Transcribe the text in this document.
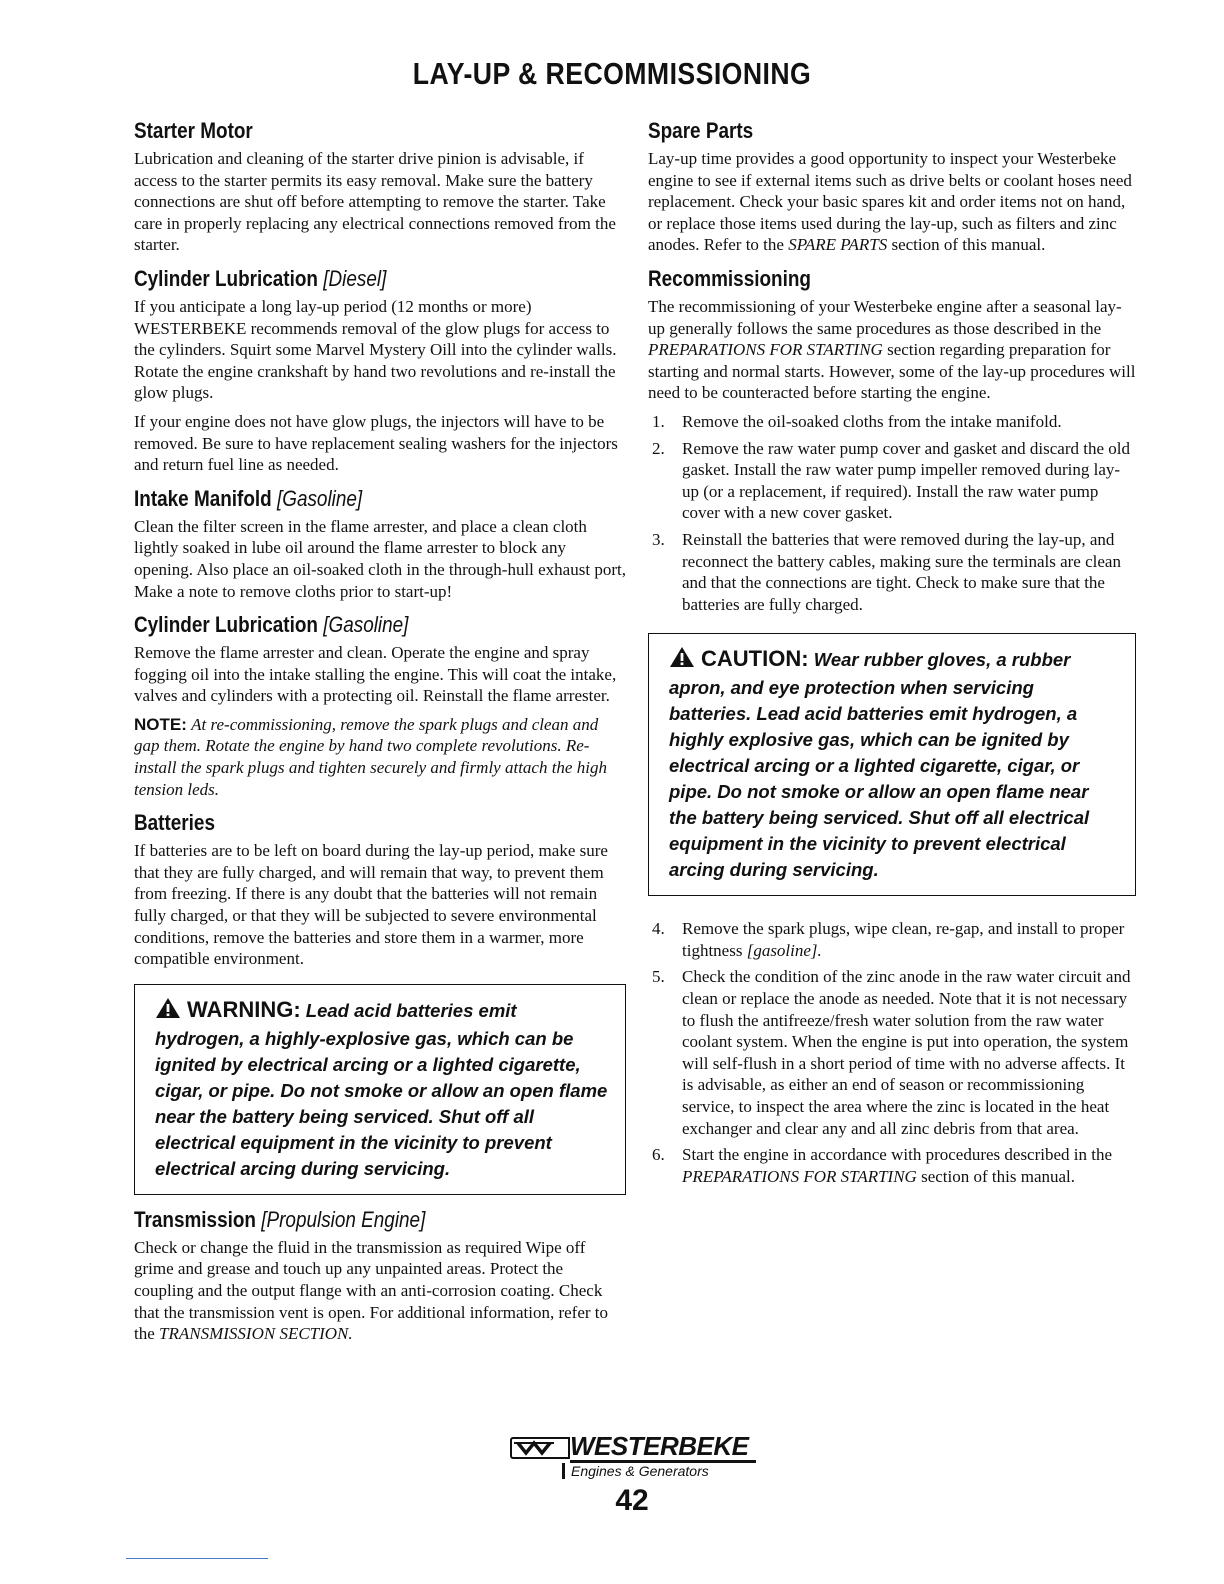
LAY-UP & RECOMMISSIONING
Starter Motor

Lubrication and cleaning of the starter drive pinion is advisable, if access to the starter permits its easy removal. Make sure the battery connections are shut off before attempting to remove the starter. Take care in properly replacing any electrical connections removed from the starter.

Cylinder Lubrication [Diesel]

If you anticipate a long lay-up period (12 months or more) WESTERBEKE recommends removal of the glow plugs for access to the cylinders. Squirt some Marvel Mystery Oill into the cylinder walls. Rotate the engine crankshaft by hand two revolutions and re-install the glow plugs.

If your engine does not have glow plugs, the injectors will have to be removed. Be sure to have replacement sealing washers for the injectors and return fuel line as needed.

Intake Manifold [Gasoline]

Clean the filter screen in the flame arrester, and place a clean cloth lightly soaked in lube oil around the flame arrester to block any opening. Also place an oil-soaked cloth in the through-hull exhaust port, Make a note to remove cloths prior to start-up!

Cylinder Lubrication [Gasoline]

Remove the flame arrester and clean. Operate the engine and spray fogging oil into the intake stalling the engine. This will coat the intake, valves and cylinders with a protecting oil. Reinstall the flame arrester.

NOTE: At re-commissioning, remove the spark plugs and clean and gap them. Rotate the engine by hand two complete revolutions. Re-install the spark plugs and tighten securely and firmly attach the high tension leds.

Batteries

If batteries are to be left on board during the lay-up period, make sure that they are fully charged, and will remain that way, to prevent them from freezing. If there is any doubt that the batteries will not remain fully charged, or that they will be subjected to severe environmental conditions, remove the batteries and store them in a warmer, more compatible environment.

WARNING: Lead acid batteries emit hydrogen, a highly-explosive gas, which can be ignited by electrical arcing or a lighted cigarette, cigar, or pipe. Do not smoke or allow an open flame near the battery being serviced. Shut off all electrical equipment in the vicinity to prevent electrical arcing during servicing.
Transmission [Propulsion Engine]

Check or change the fluid in the transmission as required Wipe off grime and grease and touch up any unpainted areas. Protect the coupling and the output flange with an anti-corrosion coating. Check that the transmission vent is open. For additional information, refer to the TRANSMISSION SECTION.

Spare Parts

Lay-up time provides a good opportunity to inspect your Westerbeke engine to see if external items such as drive belts or coolant hoses need replacement. Check your basic spares kit and order items not on hand, or replace those items used during the lay-up, such as filters and zinc anodes. Refer to the SPARE PARTS section of this manual.

Recommissioning

The recommissioning of your Westerbeke engine after a seasonal lay-up generally follows the same procedures as those described in the PREPARATIONS FOR STARTING section regarding preparation for starting and normal starts. However, some of the lay-up procedures will need to be counteracted before starting the engine.

1. Remove the oil-soaked cloths from the intake manifold.
2. Remove the raw water pump cover and gasket and discard the old gasket. Install the raw water pump impeller removed during lay-up (or a replacement, if required). Install the raw water pump cover with a new cover gasket.
3. Reinstall the batteries that were removed during the lay-up, and reconnect the battery cables, making sure the terminals are clean and that the connections are tight. Check to make sure that the batteries are fully charged.
CAUTION: Wear rubber gloves, a rubber apron, and eye protection when servicing batteries. Lead acid batteries emit hydrogen, a highly explosive gas, which can be ignited by electrical arcing or a lighted cigarette, cigar, or pipe. Do not smoke or allow an open flame near the battery being serviced. Shut off all electrical equipment in the vicinity to prevent electrical arcing during servicing.
4. Remove the spark plugs, wipe clean, re-gap, and install to proper tightness [gasoline].
5. Check the condition of the zinc anode in the raw water circuit and clean or replace the anode as needed. Note that it is not necessary to flush the antifreeze/fresh water solution from the raw water coolant system. When the engine is put into operation, the system will self-flush in a short period of time with no adverse affects. It is advisable, as either an end of season or recommissioning service, to inspect the area where the zinc is located in the heat exchanger and clear any and all zinc debris from that area.
6. Start the engine in accordance with procedures described in the PREPARATIONS FOR STARTING section of this manual.
WESTERBEKE
Engines & Generators
42
